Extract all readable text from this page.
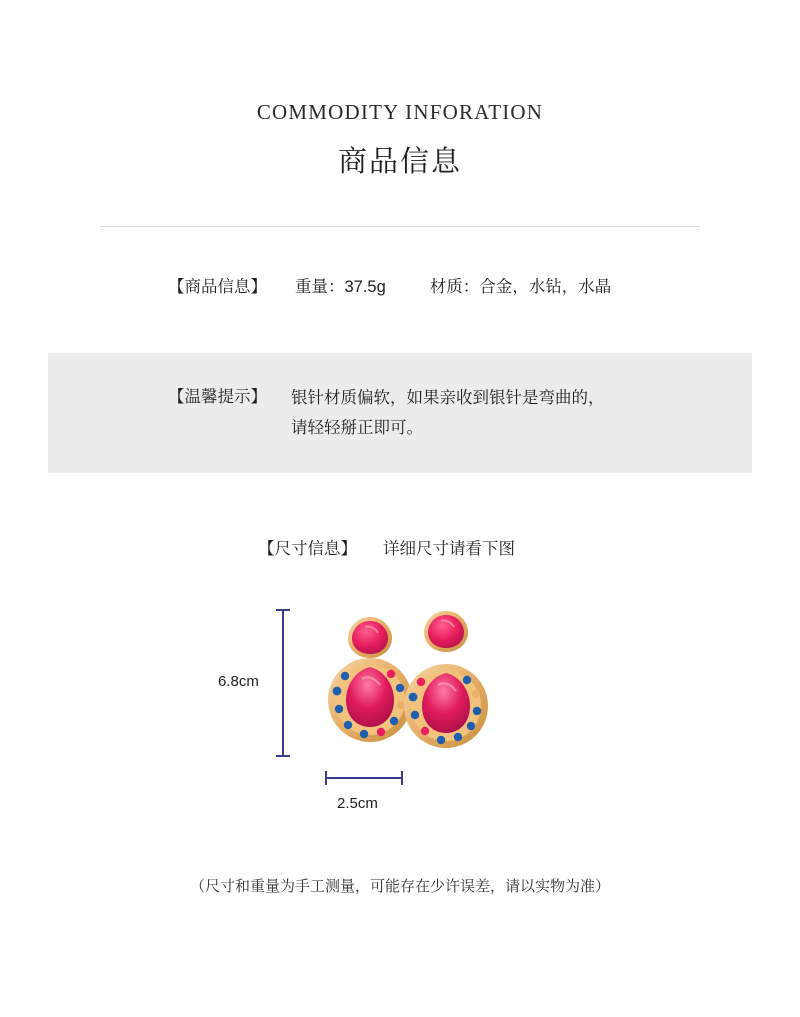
COMMODITY INFORATION
商品信息
【商品信息】 重量：37.5g	材质：合金，水钻，水晶
【温馨提示】 银针材质偏软，如果亲收到银针是弯曲的，
请轻轻掰正即可。
【尺寸信息】 详细尺寸请看下图
6.8cm
2.5cm
（尺寸和重量为手工测量，可能存在少许误差，请以实物为准）
